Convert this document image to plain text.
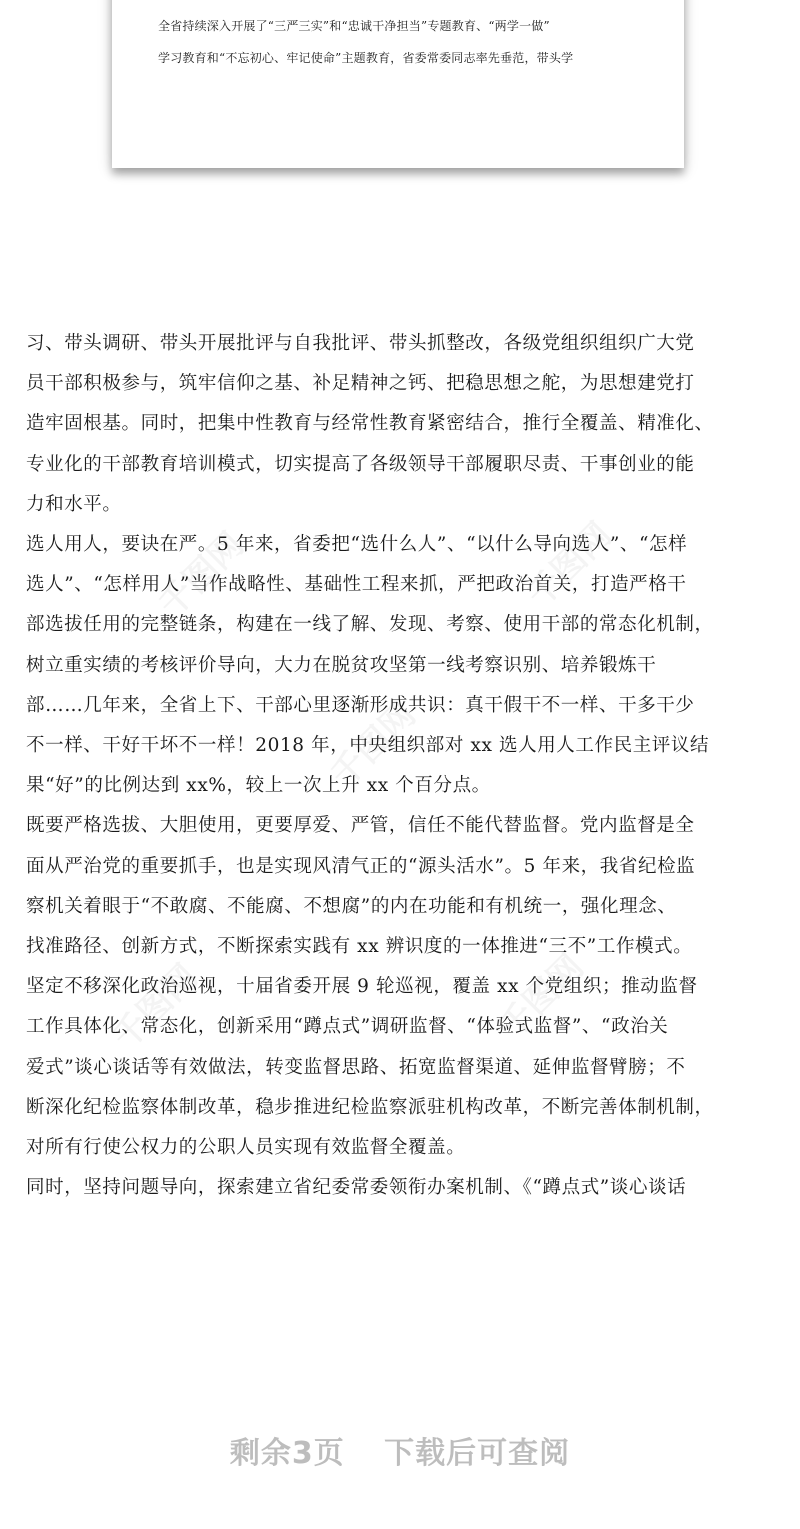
全省持续深入开展了“三严三实”和“忠诚干净担当”专题教育、“两学一做”

学习教育和“不忘初心、牢记使命”主题教育，省委常委同志率先垂范，带头学

习、带头调研、带头开展批评与自我批评、带头抓整改，各级党组织组织广大党

员干部积极参与，筑牢信仰之基、补足精神之钙、把稳思想之舵，为思想建党打

造牢固根基。同时，把集中性教育与经常性教育紧密结合，推行全覆盖、精准化、

专业化的干部教育培训模式，切实提高了各级领导干部履职尽责、干事创业的能

力和水平。

选人用人，要诀在严。5 年来，省委把“选什么人”、“以什么导向选人”、“怎样

选人”、“怎样用人”当作战略性、基础性工程来抓，严把政治首关，打造严格干

部选拔任用的完整链条，构建在一线了解、发现、考察、使用干部的常态化机制，

树立重实绩的考核评价导向，大力在脱贫攻坚第一线考察识别、培养锻炼干

部……几年来，全省上下、干部心里逐渐形成共识：真干假干不一样、干多干少

不一样、干好干坏不一样！2018 年，中央组织部对 xx 选人用人工作民主评议结

果“好”的比例达到 xx%，较上一次上升 xx 个百分点。

既要严格选拔、大胆使用，更要厚爱、严管，信任不能代替监督。党内监督是全

面从严治党的重要抓手，也是实现风清气正的“源头活水”。5 年来，我省纪检监

察机关着眼于“不敢腐、不能腐、不想腐”的内在功能和有机统一，强化理念、

找准路径、创新方式，不断探索实践有 xx 辨识度的一体推进“三不”工作模式。

坚定不移深化政治巡视，十届省委开展 9 轮巡视，覆盖 xx 个党组织；推动监督

工作具体化、常态化，创新采用“蹲点式”调研监督、“体验式监督”、“政治关

爱式”谈心谈话等有效做法，转变监督思路、拓宽监督渠道、延伸监督臂膀；不

断深化纪检监察体制改革，稳步推进纪检监察派驻机构改革，不断完善体制机制，

对所有行使公权力的公职人员实现有效监督全覆盖。

同时，坚持问题导向，探索建立省纪委常委领衔办案机制、《“蹲点式”谈心谈话

剩余3页 下载后可查阅
